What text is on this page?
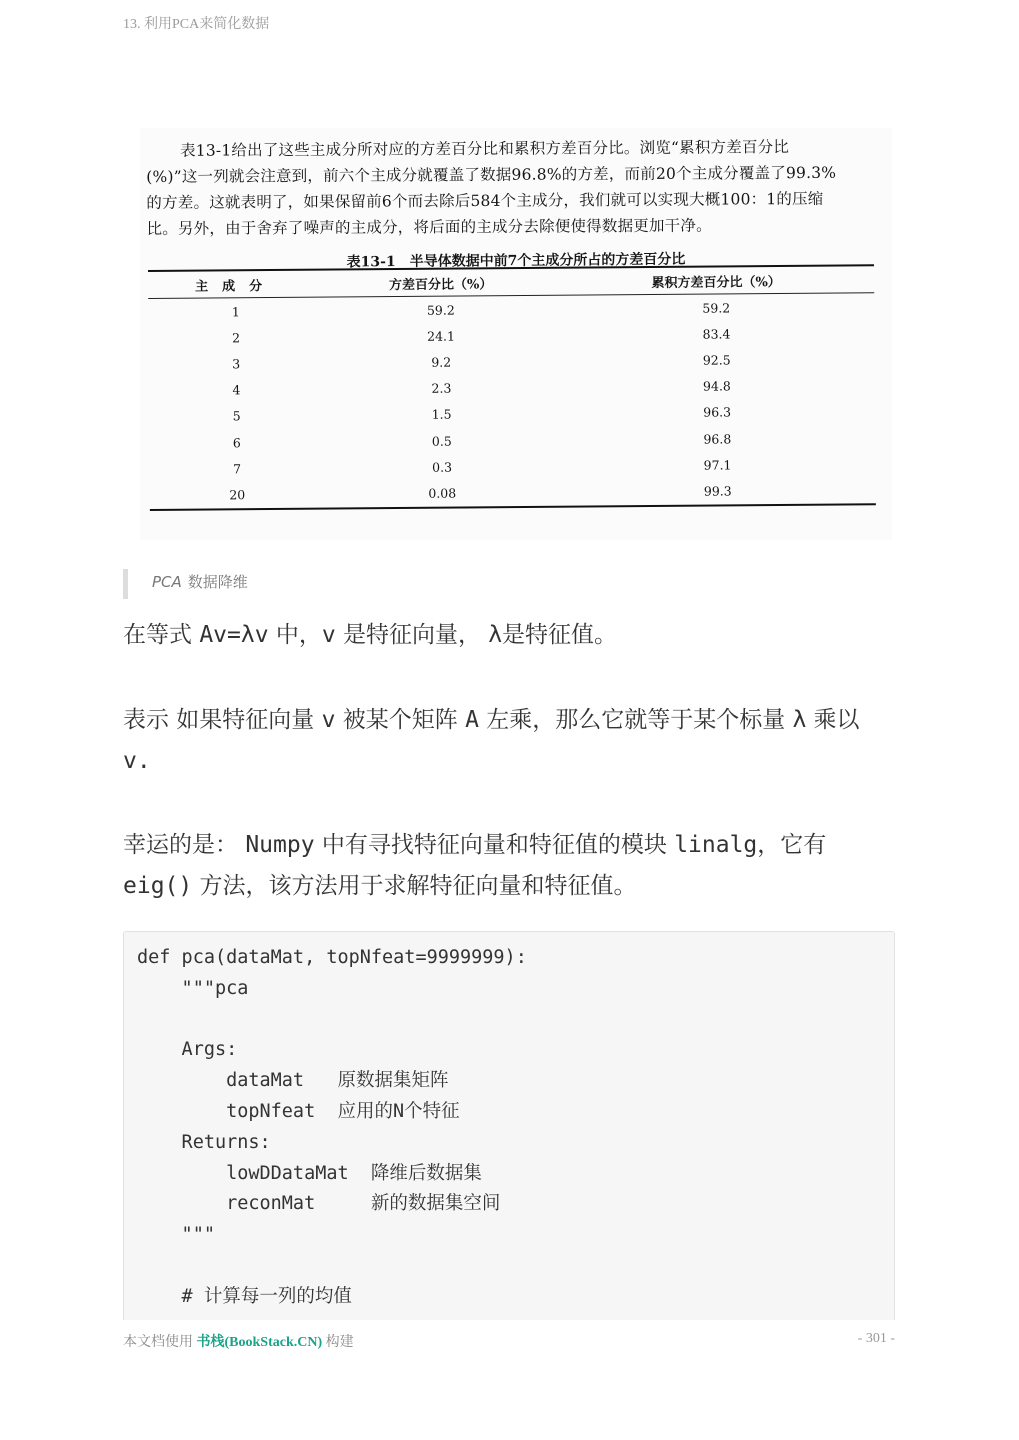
13. 利用PCA来简化数据
表13-1给出了这些主成分所对应的方差百分比和累积方差百分比。浏览“累积方差百分比
(%)”这一列就会注意到，前六个主成分就覆盖了数据96.8%的方差，而前20个主成分覆盖了99.3%
的方差。这就表明了，如果保留前6个而去除后584个主成分，我们就可以实现大概100：1的压缩
比。另外，由于舍弃了噪声的主成分，将后面的主成分去除便使得数据更加干净。
表13-1　半导体数据中前7个主成分所占的方差百分比
主成分	方差百分比（%）	累积方差百分比（%）
1	59.2	59.2
2	24.1	83.4
3	9.2	92.5
4	2.3	94.8
5	1.5	96.3
6	0.5	96.8
7	0.3	97.1
20	0.08	99.3
PCA 数据降维
在等式 Av=λv 中，v 是特征向量， λ是特征值。
表示 如果特征向量 v 被某个矩阵 A 左乘，那么它就等于某个标量 λ 乘以 v.
幸运的是： Numpy 中有寻找特征向量和特征值的模块 linalg，它有 eig() 方法，该方法用于求解特征向量和特征值。
def pca(dataMat, topNfeat=9999999):
"""pca

Args:
dataMat   原数据集矩阵
topNfeat  应用的N个特征
Returns:
lowDDataMat  降维后数据集
reconMat     新的数据集空间
"""

# 计算每一列的均值
本文档使用 书栈(BookStack.CN) 构建	- 301 -
